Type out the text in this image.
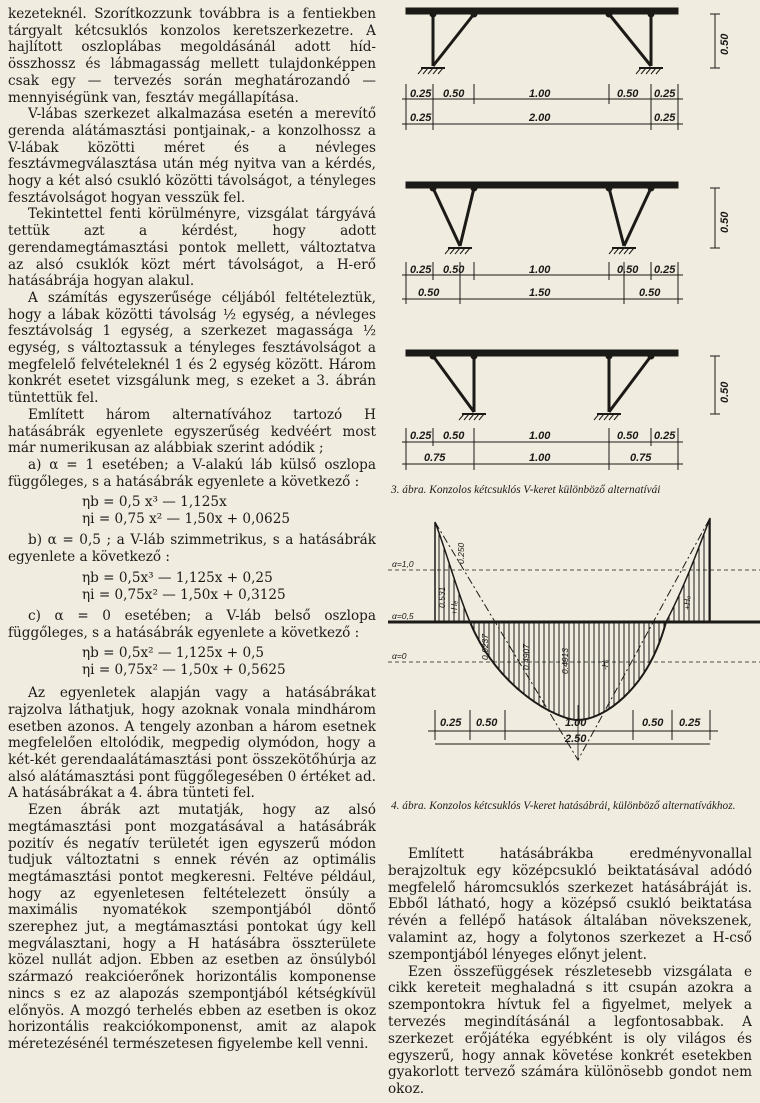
kezeteknél. Szorítkozzunk továbbra is a fentiekben tárgyalt kétcsuklós konzolos keretszerkezetre. A hajlított oszloplábas megoldásánál adott híd-összhossz és lábmagasság mellett tulajdonképpen csak egy — tervezés során meghatározandó — mennyiségünk van, fesztáv megállapítása.

V-lábas szerkezet alkalmazása esetén a merevítő gerenda alátámasztási pontjainak,- a konzolhossz a V-lábak közötti méret és a névleges fesztávmegválasztása után még nyitva van a kérdés, hogy a két alsó csukló közötti távolságot, a tényleges fesztávolságot hogyan vesszük fel.

Tekintettel fenti körülményre, vizsgálat tárgyává tettük azt a kérdést, hogy adott gerendamegtámasztási pontok mellett, változtatva az alsó csuklók közt mért távolságot, a H-erő hatásábrája hogyan alakul.

A számítás egyszerűsége céljából feltételeztük, hogy a lábak közötti távolság ½ egység, a névleges fesztávolság 1 egység, a szerkezet magassága ½ egység, s változtassuk a tényleges fesztávolságot a megfelelő felvételeknél 1 és 2 egység között. Három konkrét esetet vizsgálunk meg, s ezeket a 3. ábrán tüntettük fel.

Említett három alternatívához tartozó H hatásábrák egyenlete egyszerűség kedvéért most már numerikusan az alábbiak szerint adódik ;

a) α = 1 esetében; a V-alakú láb külső oszlopa függőleges, s a hatásábrák egyenlete a következő :

ηb = 0,5 x³ — 1,125x
ηi = 0,75 x² — 1,50x + 0,0625

b) α = 0,5 ; a V-láb szimmetrikus, s a hatásábrák egyenlete a következő :

ηb = 0,5x³ — 1,125x + 0,25
ηi = 0,75x² — 1,50x + 0,3125

c) α = 0 esetében; a V-láb belső oszlopa függőleges, s a hatásábrák egyenlete a következő :

ηb = 0,5x² — 1,125x + 0,5
ηi = 0,75x² — 1,50x + 0,5625

Az egyenletek alapján vagy a hatásábrákat rajzolva láthatjuk, hogy azoknak vonala mindhárom esetben azonos. A tengely azonban a három esetnek megfelelően eltolódik, megpedig olymódon, hogy a két-két gerendaalátámasztási pont összekötőhúrja az alsó alátámasztási pont függőlegesében 0 értéket ad. A hatásábrákat a 4. ábra tünteti fel.

Ezen ábrák azt mutatják, hogy az alsó megtámasztási pont mozgatásával a hatásábrák pozitív és negatív területét igen egyszerű módon tudjuk változtatni s ennek révén az optimális megtámasztási pontot megkeresni. Feltéve például, hogy az egyenletesen feltételezett önsúly a maximális nyomatékok szempontjából döntő szerephez jut, a megtámasztási pontokat úgy kell megválasztani, hogy a H hatásábra összterülete közel nullát adjon. Ebben az esetben az önsúlyból származó reakcióerőnek horizontális komponense nincs s ez az alapozás szempontjából kétségkívül előnyös. A mozgó terhelés ebben az esetben is okoz horizontális reakciókomponenst, amit az alapok méretezésénél természetesen figyelembe kell venni.

0.50
0.25 0.50	1.00	0.50 0.25
0.25	2.00	0.25
0.50
0.25 0.50	1.00	0.50 0.25
0.50	1.50	0.50
0.50
0.25 0.50	1.00	0.50 0.25
0.75	1.00	0.75
3. ábra. Konzolos kétcsuklós V-keret különböző alternatívái
α=1,0
α=0,5
α=0
0.531
0.250
0.0237	0.4907	0.4913
+Hₑ
-Hᵢ
+Hₑ
0.25 0.50	1.00	0.50 0.25
2.50
4. ábra. Konzolos kétcsuklós V-keret hatásábrái, különböző alternatívákhoz.

Említett hatásábrákba eredményvonallal berajzoltuk egy középcsukló beiktatásával adódó megfelelő háromcsuklós szerkezet hatásábráját is. Ebből látható, hogy a középső csukló beiktatása révén a fellépő hatások általában növekszenek, valamint az, hogy a folytonos szerkezet a H-cső szempontjából lényeges előnyt jelent.

Ezen összefüggések részletesebb vizsgálata e cikk kereteit meghaladná s itt csupán azokra a szempontokra hívtuk fel a figyelmet, melyek a tervezés megindításánál a legfontosabbak. A szerkezet erőjátéka egyébként is oly világos és egyszerű, hogy annak követése konkrét esetekben gyakorlott tervező számára különösebb gondot nem okoz.
